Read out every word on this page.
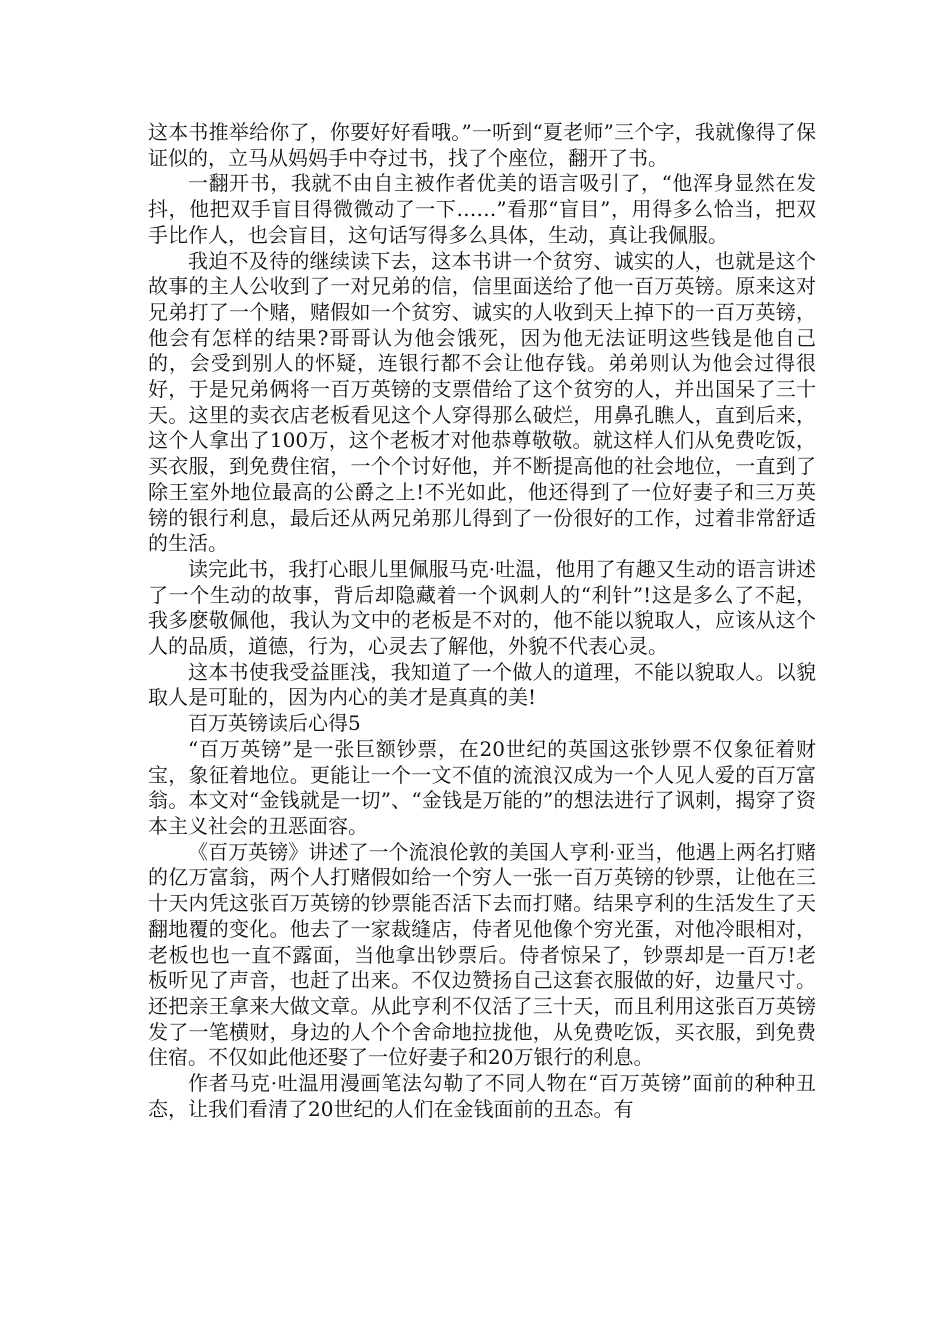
这本书推举给你了，你要好好看哦。”一听到“夏老师”三个字，我就像得了保证似的，立马从妈妈手中夺过书，找了个座位，翻开了书。

一翻开书，我就不由自主被作者优美的语言吸引了，“他浑身显然在发抖，他把双手盲目得微微动了一下……”看那“盲目”，用得多么恰当，把双手比作人，也会盲目，这句话写得多么具体，生动，真让我佩服。

我迫不及待的继续读下去，这本书讲一个贫穷、诚实的人，也就是这个故事的主人公收到了一对兄弟的信，信里面送给了他一百万英镑。原来这对兄弟打了一个赌，赌假如一个贫穷、诚实的人收到天上掉下的一百万英镑，他会有怎样的结果?哥哥认为他会饿死，因为他无法证明这些钱是他自己的，会受到别人的怀疑，连银行都不会让他存钱。弟弟则认为他会过得很好，于是兄弟俩将一百万英镑的支票借给了这个贫穷的人，并出国呆了三十天。这里的卖衣店老板看见这个人穿得那么破烂，用鼻孔瞧人，直到后来，这个人拿出了100万，这个老板才对他恭尊敬敬。就这样人们从免费吃饭，买衣服，到免费住宿，一个个讨好他，并不断提高他的社会地位，一直到了除王室外地位最高的公爵之上!不光如此，他还得到了一位好妻子和三万英镑的银行利息，最后还从两兄弟那儿得到了一份很好的工作，过着非常舒适的生活。

读完此书，我打心眼儿里佩服马克·吐温，他用了有趣又生动的语言讲述了一个生动的故事，背后却隐藏着一个讽刺人的“利针”!这是多么了不起，我多麽敬佩他，我认为文中的老板是不对的，他不能以貌取人，应该从这个人的品质，道德，行为，心灵去了解他，外貌不代表心灵。

这本书使我受益匪浅，我知道了一个做人的道理，不能以貌取人。以貌取人是可耻的，因为内心的美才是真真的美!

百万英镑读后心得5

“百万英镑”是一张巨额钞票，在20世纪的英国这张钞票不仅象征着财宝，象征着地位。更能让一个一文不值的流浪汉成为一个人见人爱的百万富翁。本文对“金钱就是一切”、“金钱是万能的”的想法进行了讽刺，揭穿了资本主义社会的丑恶面容。

《百万英镑》讲述了一个流浪伦敦的美国人亨利·亚当，他遇上两名打赌的亿万富翁，两个人打赌假如给一个穷人一张一百万英镑的钞票，让他在三十天内凭这张百万英镑的钞票能否活下去而打赌。结果亨利的生活发生了天翻地覆的变化。他去了一家裁缝店，侍者见他像个穷光蛋，对他冷眼相对，老板也也一直不露面，当他拿出钞票后。侍者惊呆了，钞票却是一百万!老板听见了声音，也赶了出来。不仅边赞扬自己这套衣服做的好，边量尺寸。还把亲王拿来大做文章。从此亨利不仅活了三十天，而且利用这张百万英镑发了一笔横财，身边的人个个舍命地拉拢他，从免费吃饭，买衣服，到免费住宿。不仅如此他还娶了一位好妻子和20万银行的利息。

作者马克·吐温用漫画笔法勾勒了不同人物在“百万英镑”面前的种种丑态，让我们看清了20世纪的人们在金钱面前的丑态。有
